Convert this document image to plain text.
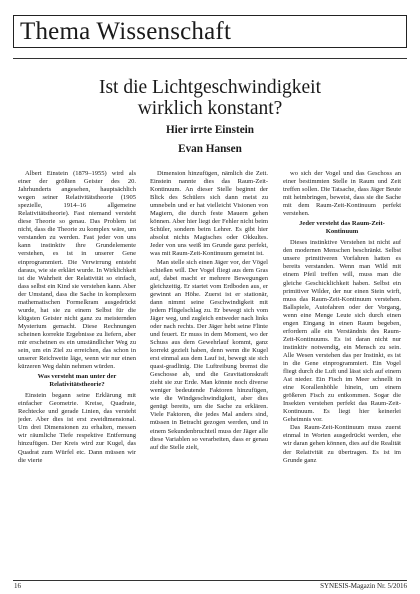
Thema Wissenschaft
Ist die Lichtgeschwindigkeit
wirklich konstant?
Hier irrte Einstein
Evan Hansen

Albert Einstein (1879–1955) wird als einer der größten Geister des 20. Jahrhunderts angesehen, hauptsächlich wegen seiner Relativitätstheorie (1905 spezielle, 1914–16 allgemeine Relativitätstheorie). Fast niemand versteht diese Theorie so genau. Das Problem ist nicht, dass die Theorie zu komplex wäre, um verstanden zu werden. Fast jeder von uns kann instinktiv ihre Grundelemente verstehen, es ist in unserer Gene einprogrammiert. Die Verwirrung entsteht daraus, wie sie erklärt wurde. In Wirklichkeit ist die Wahrheit der Relativität so einfach, dass selbst ein Kind sie verstehen kann. Aber der Umstand, dass die Sache in komplexem mathematischen Formelkram ausgedrückt wurde, hat sie zu einem Selbst für die klügsten Geister nicht ganz zu meisternden Mysterium gemacht. Diese Rechnungen scheinen korrekte Ergebnisse zu liefern, aber mir erscheinen es ein umständlicher Weg zu sein, um ein Ziel zu erreichen, das schon in unserer Reichweite läge, wenn wir nur einen kürzeren Weg dahin nehmen würden.

Was versteht man unter der Relativitätstheorie?

Einstein begann seine Erklärung mit einfacher Geometrie. Kreise, Quadrate, Rechtecke und gerade Linien, das versteht jeder. Aber dies ist erst zweidimensional. Um drei Dimensionen zu erhalten, messen wir räumliche Tiefe respektive Entfernung hinzufügen. Der Kreis wird zur Kugel, das Quadrat zum Würfel etc. Dann müssen wir die vierte

Dimension hinzufügen, nämlich die Zeit. Einstein nannte dies das Raum-Zeit-Kontinuum. An dieser Stelle beginnt der Blick des Schülers sich dann meist zu umnebeln und er hat vielleicht Visionen von Magiern, die durch feste Mauern gehen können. Aber hier liegt der Fehler nicht beim Schüler, sondern beim Lehrer. Es gibt hier absolut nichts Magisches oder Okkultes. Jeder von uns weiß im Grunde ganz perfekt, was mit Raum-Zeit-Kontinuum gemeint ist.

Man stelle sich einen Jäger vor, der Vögel schießen will. Der Vogel fliegt aus dem Gras auf, dabei macht er mehrere Bewegungen gleichzeitig. Er startet vom Erdboden aus, er gewinnt an Höhe. Zuerst ist er stationär, dann nimmt seine Geschwindigkeit mit jedem Flügelschlag zu. Er bewegt sich vom Jäger weg, und zugleich entweder nach links oder nach rechts. Der Jäger hebt seine Flinte und feuert. Er muss in dem Moment, wo der Schuss aus dem Gewehrlauf kommt, ganz korrekt gezielt haben, denn wenn die Kugel erst einmal aus dem Lauf ist, bewegt sie sich quasi-gradlinig. Die Luftreibung bremst die Geschosse ab, und die Gravitationskraft zieht sie zur Erde. Man könnte noch diverse weniger bedeutende Faktoren hinzufügen, wie die Windgeschwindigkeit, aber dies genügt bereits, um die Sache zu erklären. Viele Faktoren, die jedes Mal anders sind, müssen in Betracht gezogen werden, und in einem Sekundenbruchteil muss der Jäger alle diese Variablen so verarbeiten, dass er genau auf die Stelle zielt,

wo sich der Vogel und das Geschoss an einer bestimmten Stelle in Raum und Zeit treffen sollen. Die Tatsache, dass Jäger Beute mit heimbringen, beweist, dass sie die Sache mit dem Raum-Zeit-Kontinuum perfekt verstehen.

Jeder versteht das Raum-Zeit-Kontinuum

Dieses instinktive Verstehen ist nicht auf den modernen Menschen beschränkt. Selbst unsere primitiveren Vorfahren hatten es bereits verstanden. Wenn man Wild mit einem Pfeil treffen will, muss man die gleiche Geschicklichkeit haben. Selbst ein primitiver Wilder, der nur einen Stein wirft, muss das Raum-Zeit-Kontinuum verstehen. Ballspiele, Autofahren oder der Vorgang, wenn eine Menge Leute sich durch einen engen Eingang in einen Raum begeben, erfordern alle ein Verständnis des Raum-Zeit-Kontinuums. Es ist daran nicht nur instinktiv notwendig, ein Mensch zu sein. Alle Wesen verstehen das per Instinkt, es ist in die Gene einprogrammiert. Ein Vogel fliegt durch die Luft und lässt sich auf einem Ast nieder. Ein Fisch im Meer schnellt in eine Korallenhöhle hinein, um einem größeren Fisch zu entkommen. Sogar die Insekten verstehen perfekt das Raum-Zeit-Kontinuum. Es liegt hier keinerlei Geheimnis vor.

Das Raum-Zeit-Kontinuum muss zuerst einmal in Worten ausgedrückt werden, ehe wir daran gehen können, dies auf die Realität der Relativität zu übertragen. Es ist im Grunde ganz

16	SYNESIS-Magazin Nr. 5/2016
